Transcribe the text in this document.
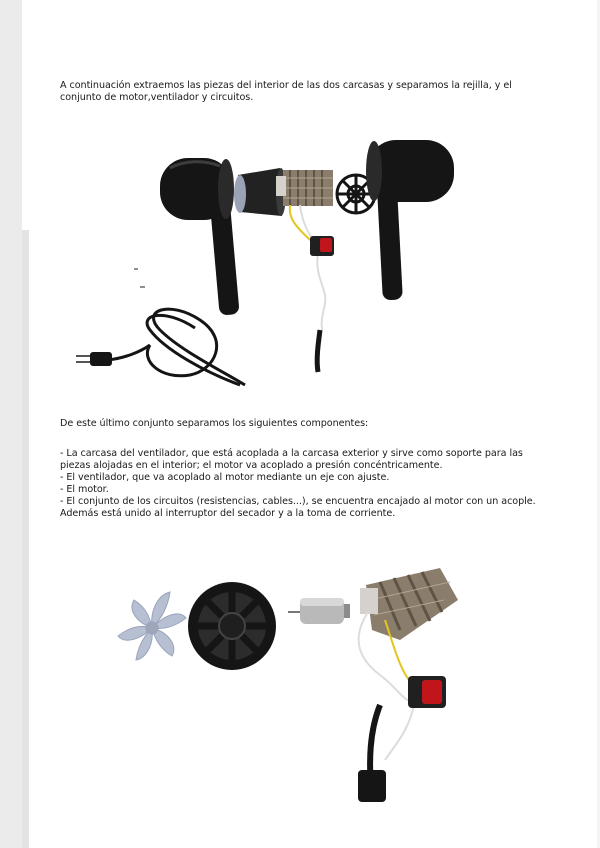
A continuación extraemos las piezas del interior de las dos carcasas y separamos la rejilla, y el conjunto de motor,ventilador y circuitos.

De este último conjunto separamos los siguientes componentes:

- La carcasa del ventilador, que está acoplada a la carcasa exterior y sirve como soporte para las piezas alojadas en el interior; el motor va acoplado a presión concéntricamente.

- El ventilador, que va acoplado al motor mediante un eje con ajuste.

- El motor.

- El conjunto de los circuitos (resistencias, cables...), se encuentra encajado al motor con un acople. Además está unido al interruptor del secador y a la toma de corriente.
